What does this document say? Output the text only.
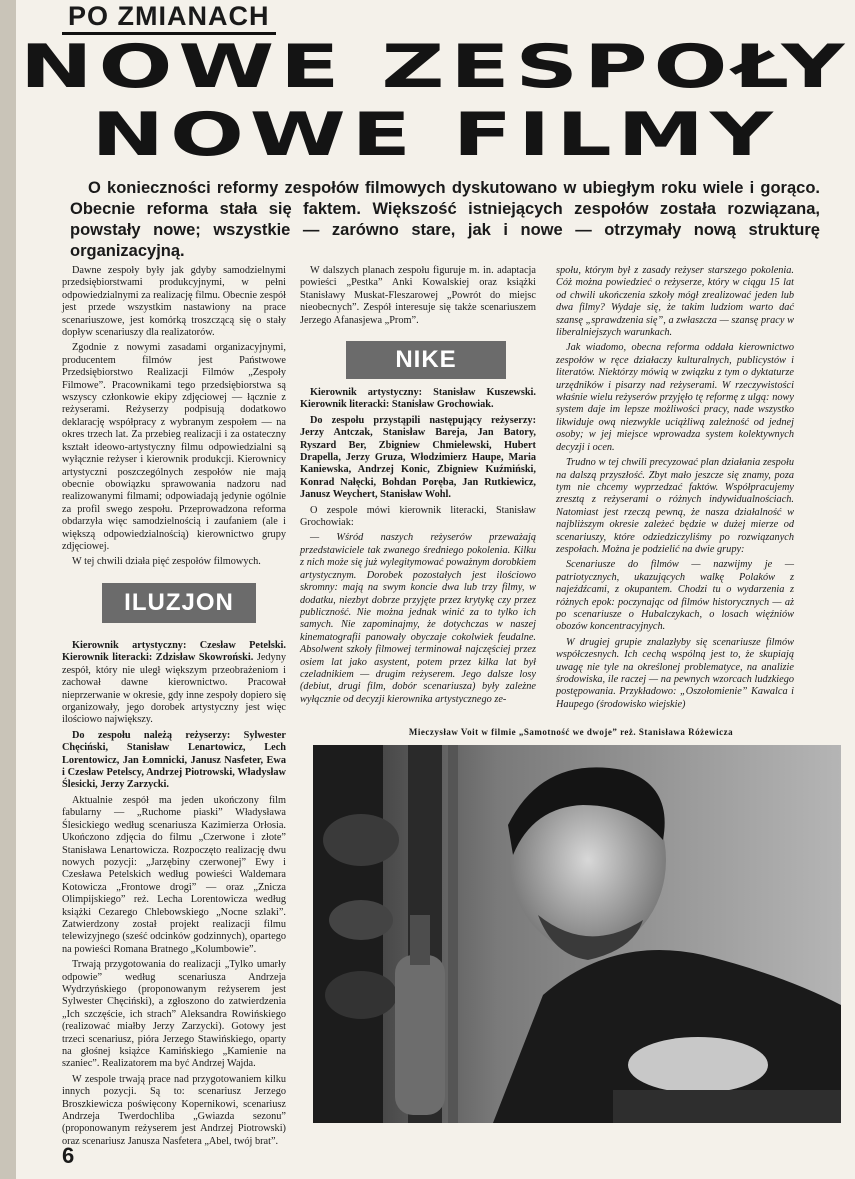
PO ZMIANACH
NOWE ZESPOŁY
NOWE FILMY
O konieczności reformy zespołów filmowych dyskutowano w ubiegłym roku wiele i gorąco. Obecnie reforma stała się faktem. Większość istniejących zespołów została rozwiązana, powstały nowe; wszystkie — zarówno stare, jak i nowe — otrzymały nową strukturę organizacyjną.

Dawne zespoły były jak gdyby samodzielnymi przedsiębiorstwami produkcyjnymi, w pełni odpowiedzialnymi za realizację filmu. Obecnie zespół jest przede wszystkim nastawiony na prace scenariuszowe, jest komórką troszczącą się o stały dopływ scenariuszy dla realizatorów.

Zgodnie z nowymi zasadami organizacyjnymi, producentem filmów jest Państwowe Przedsiębiorstwo Realizacji Filmów „Zespoły Filmowe”. Pracownikami tego przedsiębiorstwa są wszyscy członkowie ekipy zdjęciowej — łącznie z reżyserami. Reżyserzy podpisują dodatkowo deklarację współpracy z wybranym zespołem — na okres trzech lat. Za przebieg realizacji i za ostateczny kształt ideowo-artystyczny filmu odpowiedzialni są wyłącznie reżyser i kierownik produkcji. Kierownicy artystyczni poszczególnych zespołów nie mają obecnie obowiązku sprawowania nadzoru nad realizowanymi filmami; odpowiadają jedynie ogólnie za profil swego zespołu. Przeprowadzona reforma obdarzyła więc samodzielnością i zaufaniem (ale i większą odpowiedzialnością) kierownictwo grupy zdjęciowej.

W tej chwili działa pięć zespołów filmowych.

ILUZJON

Kierownik artystyczny: Czesław Petelski. Kierownik literacki: Zdzisław Skowroński. Jedyny zespół, który nie uległ większym przeobrażeniom i zachował dawne kierownictwo. Pracował nieprzerwanie w okresie, gdy inne zespoły dopiero się organizowały, jego dorobek artystyczny jest więc ilościowo największy.

Do zespołu należą reżyserzy: Sylwester Chęciński, Stanisław Lenartowicz, Lech Lorentowicz, Jan Łomnicki, Janusz Nasfeter, Ewa i Czesław Petelscy, Andrzej Piotrowski, Władysław Ślesicki, Jerzy Zarzycki.

Aktualnie zespół ma jeden ukończony film fabularny — „Ruchome piaski” Władysława Ślesickiego według scenariusza Kazimierza Orłosia. Ukończono zdjęcia do filmu „Czerwone i złote” Stanisława Lenartowicza. Rozpoczęto realizację dwu nowych pozycji: „Jarzębiny czerwonej” Ewy i Czesława Petelskich według powieści Waldemara Kotowicza „Frontowe drogi” — oraz „Znicza Olimpijskiego” reż. Lecha Lorentowicza według książki Cezarego Chlebowskiego „Nocne szlaki”. Zatwierdzony został projekt realizacji filmu telewizyjnego (sześć odcinków godzinnych), opartego na powieści Romana Bratnego „Kolumbowie”.

Trwają przygotowania do realizacji „Tylko umarły odpowie” według scenariusza Andrzeja Wydrzyńskiego (proponowanym reżyserem jest Sylwester Chęciński), a zgłoszono do zatwierdzenia „Ich szczęście, ich strach” Aleksandra Rowińskiego (realizować miałby Jerzy Zarzycki). Gotowy jest trzeci scenariusz, pióra Jerzego Stawińskiego, oparty na głośnej książce Kamińskiego „Kamienie na szaniec”. Realizatorem ma być Andrzej Wajda.

W zespole trwają prace nad przygotowaniem kilku innych pozycji. Są to: scenariusz Jerzego Broszkiewicza poświęcony Kopernikowi, scenariusz Andrzeja Twerdochliba „Gwiazda sezonu” (proponowanym reżyserem jest Andrzej Piotrowski) oraz scenariusz Janusza Nasfetera „Abel, twój brat”.

W dalszych planach zespołu figuruje m. in. adaptacja powieści „Pestka” Anki Kowalskiej oraz książki Stanisławy Muskat-Fleszarowej „Powrót do miejsc nieobecnych”. Zespół interesuje się także scenariuszem Jerzego Afanasjewa „Prom”.

NIKE

Kierownik artystyczny: Stanisław Kuszewski. Kierownik literacki: Stanisław Grochowiak.

Do zespołu przystąpili następujący reżyserzy: Jerzy Antczak, Stanisław Bareja, Jan Batory, Ryszard Ber, Zbigniew Chmielewski, Hubert Drapella, Jerzy Gruza, Włodzimierz Haupe, Maria Kaniewska, Andrzej Konic, Zbigniew Kuźmiński, Konrad Nałęcki, Bohdan Poręba, Jan Rutkiewicz, Janusz Weychert, Stanisław Wohl.

O zespole mówi kierownik literacki, Stanisław Grochowiak:

— Wśród naszych reżyserów przeważają przedstawiciele tak zwanego średniego pokolenia. Kilku z nich może się już wylegitymować poważnym dorobkiem artystycznym. Dorobek pozostałych jest ilościowo skromny: mają na swym koncie dwa lub trzy filmy, w dodatku, niezbyt dobrze przyjęte przez krytykę czy przez publiczność. Nie można jednak winić za to tylko ich samych. Nie zapominajmy, że dotychczas w naszej kinematografii panowały obyczaje cokolwiek feudalne. Absolwent szkoły filmowej terminował najczęściej przez osiem lat jako asystent, potem przez kilka lat był czeladnikiem — drugim reżyserem. Jego dalsze losy (debiut, drugi film, dobór scenariusza) były zależne wyłącznie od decyzji kierownika artystycznego ze-

społu, którym był z zasady reżyser starszego pokolenia. Cóż można powiedzieć o reżyserze, który w ciągu 15 lat od chwili ukończenia szkoły mógł zrealizować jeden lub dwa filmy? Wydaje się, że takim ludziom warto dać szansę „sprawdzenia się”, a zwłaszcza — szansę pracy w liberalniejszych warunkach.

Jak wiadomo, obecna reforma oddała kierownictwo zespołów w ręce działaczy kulturalnych, publicystów i literatów. Niektórzy mówią w związku z tym o dyktaturze urzędników i pisarzy nad reżyserami. W rzeczywistości właśnie wielu reżyserów przyjęło tę reformę z ulgą: nowy system daje im lepsze możliwości pracy, nade wszystko likwiduje ową niezwykle uciążliwą zależność od jednej osoby; w jej miejsce wprowadza system kolektywnych decyzji i ocen.

Trudno w tej chwili precyzować plan działania zespołu na dalszą przyszłość. Zbyt mało jeszcze się znamy, poza tym nie chcemy wyprzedzać faktów. Współpracujemy zresztą z reżyserami o różnych indywidualnościach. Natomiast jest rzeczą pewną, że nasza działalność w najbliższym okresie zależeć będzie w dużej mierze od scenariuszy, które odziedziczyliśmy po rozwiązanych zespołach. Można je podzielić na dwie grupy:

Scenariusze do filmów — nazwijmy je — patriotycznych, ukazujących walkę Polaków z najeźdźcami, z okupantem. Chodzi tu o wydarzenia z różnych epok: poczynając od filmów historycznych — aż po scenariusze o Hubalczykach, o losach więźniów obozów koncentracyjnych.

W drugiej grupie znalazłyby się scenariusze filmów współczesnych. Ich cechą wspólną jest to, że skupiają uwagę nie tyle na określonej problematyce, na analizie środowiska, ile raczej — na pewnych wzorcach ludzkiego postępowania. Przykładowo: „Oszołomienie” Kawalca i Haupego (środowisko wiejskie)

Mieczysław Voit w filmie „Samotność we dwoje” reż. Stanisława Różewicza
6
